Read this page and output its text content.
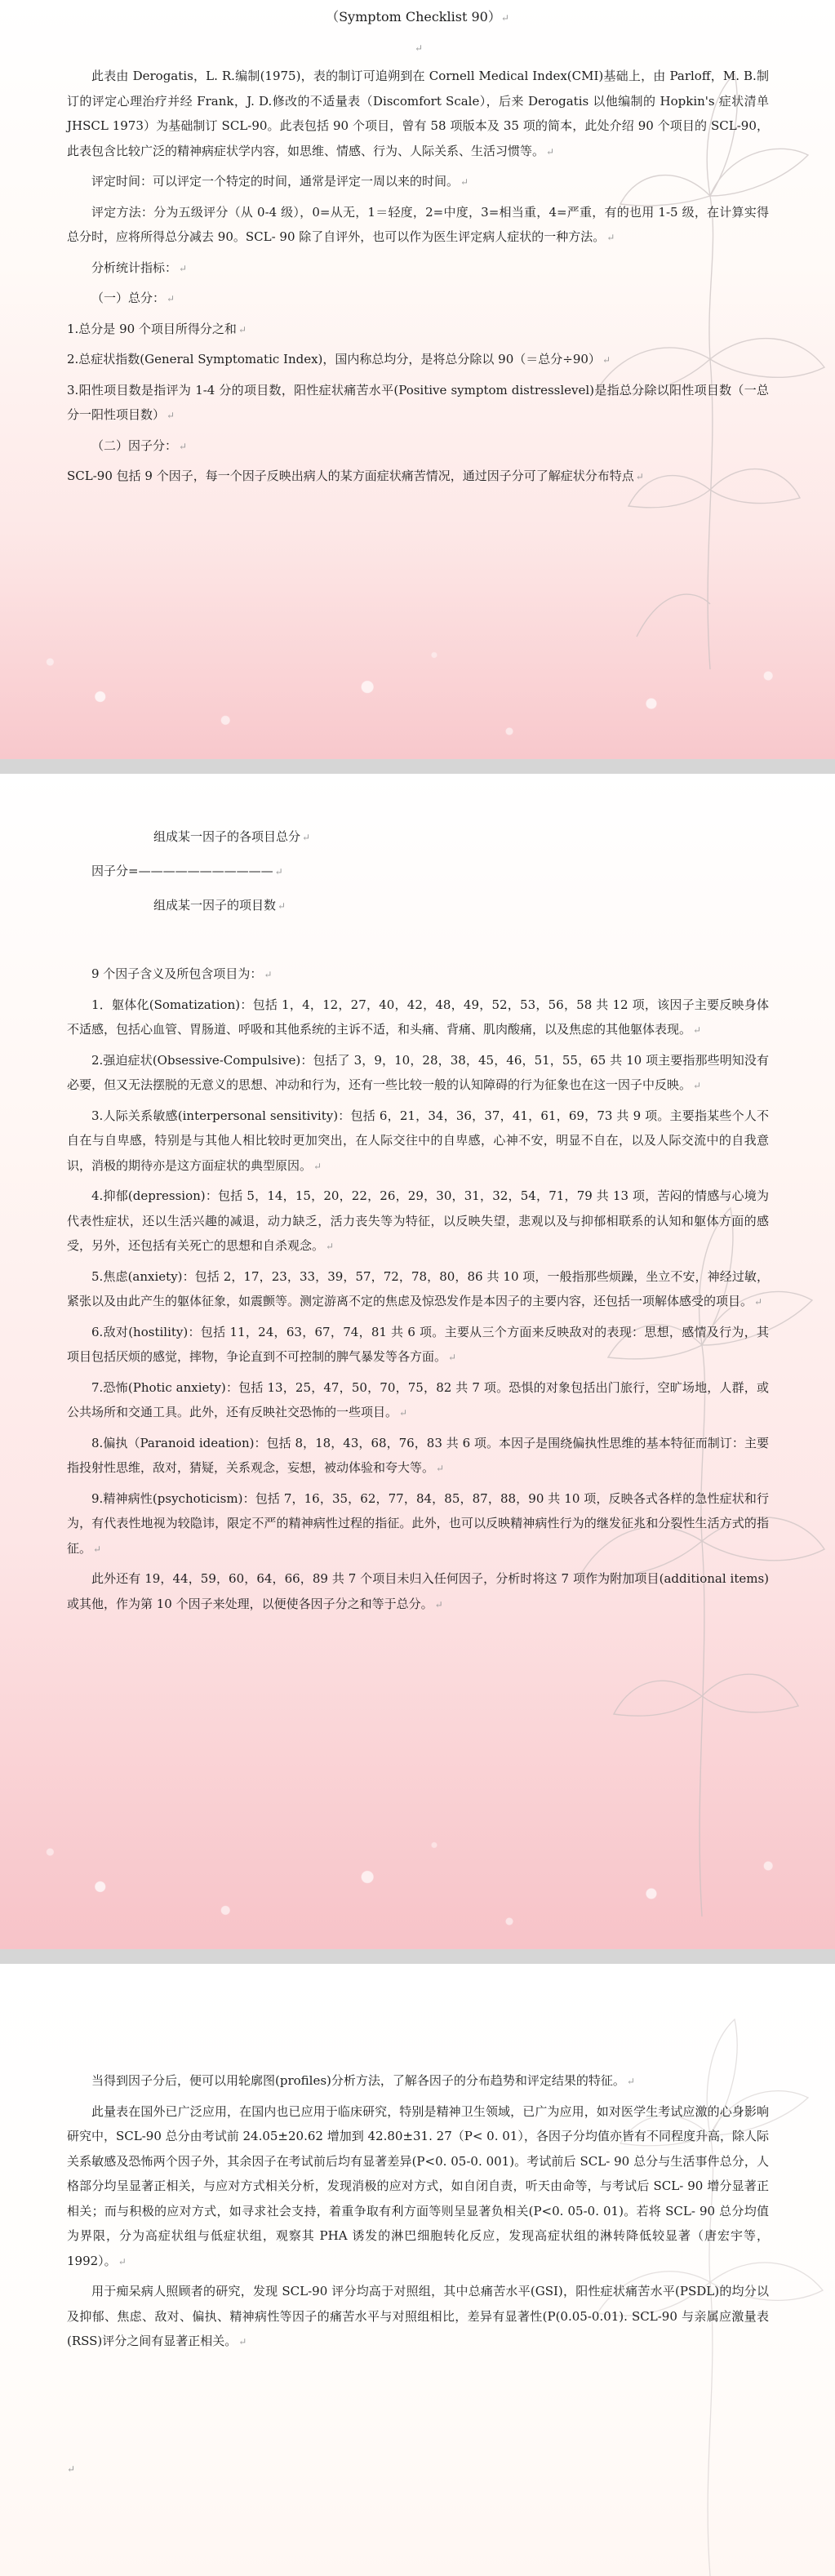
（Symptom Checklist 90） ↵
↵

此表由 Derogatis，L. R.编制(1975)，表的制订可追朔到在 Cornell Medical Index(CMI)基础上，由 Parloff，M. B.制订的评定心理治疗并经 Frank，J. D.修改的不适量表（Discomfort Scale），后来 Derogatis 以他编制的 Hopkin's 症状清单 JHSCL 1973）为基础制订 SCL-90。此表包括 90 个项目，曾有 58 项版本及 35 项的简本，此处介绍 90 个项目的 SCL-90，此表包含比较广泛的精神病症状学内容，如思维、情感、行为、人际关系、生活习惯等。 ↵

评定时间：可以评定一个特定的时间，通常是评定一周以来的时间。 ↵

评定方法：分为五级评分（从 0-4 级），0=从无，1＝轻度，2=中度，3=相当重，4=严重，有的也用 1-5 级，在计算实得总分时，应将所得总分减去 90。SCL- 90 除了自评外，也可以作为医生评定病人症状的一种方法。 ↵

分析统计指标： ↵

（一）总分： ↵

1.总分是 90 个项目所得分之和 ↵

2.总症状指数(General Symptomatic Index)，国内称总均分，是将总分除以 90（＝总分÷90） ↵

3.阳性项目数是指评为 1-4 分的项目数，阳性症状痛苦水平(Positive symptom distresslevel)是指总分除以阳性项目数（一总分一阳性项目数） ↵

（二）因子分： ↵

SCL-90 包括 9 个因子，每一个因子反映出病人的某方面症状痛苦情况，通过因子分可了解症状分布特点 ↵

组成某一因子的各项目总分 ↵
因子分=——————————— ↵
组成某一因子的项目数 ↵

9 个因子含义及所包含项目为： ↵

1．躯体化(Somatization)：包括 1，4，12，27，40，42，48，49，52，53，56，58 共 12 项，该因子主要反映身体不适感，包括心血管、胃肠道、呼吸和其他系统的主诉不适，和头痛、背痛、肌肉酸痛，以及焦虑的其他躯体表现。 ↵

2.强迫症状(Obsessive-Compulsive)：包括了 3，9，10，28，38，45，46，51，55，65 共 10 项主要指那些明知没有必要，但又无法摆脱的无意义的思想、冲动和行为，还有一些比较一般的认知障碍的行为征象也在这一因子中反映。 ↵

3.人际关系敏感(interpersonal sensitivity)：包括 6，21，34，36，37，41，61，69，73 共 9 项。主要指某些个人不自在与自卑感，特别是与其他人相比较时更加突出，在人际交往中的自卑感，心神不安，明显不自在，以及人际交流中的自我意识，消极的期待亦是这方面症状的典型原因。 ↵

4.抑郁(depression)：包括 5，14，15，20，22，26，29，30，31，32，54，71，79 共 13 项，苦闷的情感与心境为代表性症状，还以生活兴趣的减退，动力缺乏，活力丧失等为特征，以反映失望，悲观以及与抑郁相联系的认知和躯体方面的感受，另外，还包括有关死亡的思想和自杀观念。 ↵

5.焦虑(anxiety)：包括 2，17，23，33，39，57，72，78，80，86 共 10 项，一般指那些烦躁，坐立不安，神经过敏，紧张以及由此产生的躯体征象，如震颤等。测定游离不定的焦虑及惊恐发作是本因子的主要内容，还包括一项解体感受的项目。 ↵

6.敌对(hostility)：包括 11，24，63，67，74，81 共 6 项。主要从三个方面来反映敌对的表现：思想，感情及行为，其项目包括厌烦的感觉，摔物，争论直到不可控制的脾气暴发等各方面。 ↵

7.恐怖(Photic anxiety)：包括 13，25，47，50，70，75，82 共 7 项。恐惧的对象包括出门旅行，空旷场地，人群，或公共场所和交通工具。此外，还有反映社交恐怖的一些项目。 ↵

8.偏执（Paranoid ideation)：包括 8，18，43，68，76，83 共 6 项。本因子是围绕偏执性思维的基本特征而制订：主要指投射性思维，敌对，猜疑，关系观念，妄想，被动体验和夸大等。 ↵

9.精神病性(psychoticism)：包括 7，16，35，62，77，84，85，87，88，90 共 10 项，反映各式各样的急性症状和行为，有代表性地视为较隐讳，限定不严的精神病性过程的指征。此外，也可以反映精神病性行为的继发征兆和分裂性生活方式的指征。 ↵

此外还有 19，44，59，60，64，66，89 共 7 个项目未归入任何因子，分析时将这 7 项作为附加项目(additional items)或其他，作为第 10 个因子来处理，以便使各因子分之和等于总分。 ↵

当得到因子分后，便可以用轮廓图(profiles)分析方法，了解各因子的分布趋势和评定结果的特征。 ↵

此量表在国外已广泛应用，在国内也已应用于临床研究，特别是精神卫生领域，已广为应用，如对医学生考试应激的心身影响研究中，SCL-90 总分由考试前 24.05±20.62 增加到 42.80±31. 27（P< 0. 01），各因子分均值亦皆有不同程度升高，除人际关系敏感及恐怖两个因子外，其余因子在考试前后均有显著差异(P<0. 05-0. 001)。考试前后 SCL- 90 总分与生活事件总分，人格部分均呈显著正相关，与应对方式相关分析，发现消极的应对方式，如自闭自责，听天由命等，与考试后 SCL- 90 增分显著正相关；而与积极的应对方式，如寻求社会支持，着重争取有利方面等则呈显著负相关(P<0. 05-0. 01)。若将 SCL- 90 总分均值为界限，分为高症状组与低症状组，观察其 PHA 诱发的淋巴细胞转化反应，发现高症状组的淋转降低较显著（唐宏宇等，1992）。 ↵

用于痴呆病人照顾者的研究，发现 SCL-90 评分均高于对照组，其中总痛苦水平(GSI)，阳性症状痛苦水平(PSDL)的均分以及抑郁、焦虑、敌对、偏执、精神病性等因子的痛苦水平与对照组相比，差异有显著性(P(0.05-0.01). SCL-90 与亲属应激量表(RSS)评分之间有显著正相关。 ↵

↵
